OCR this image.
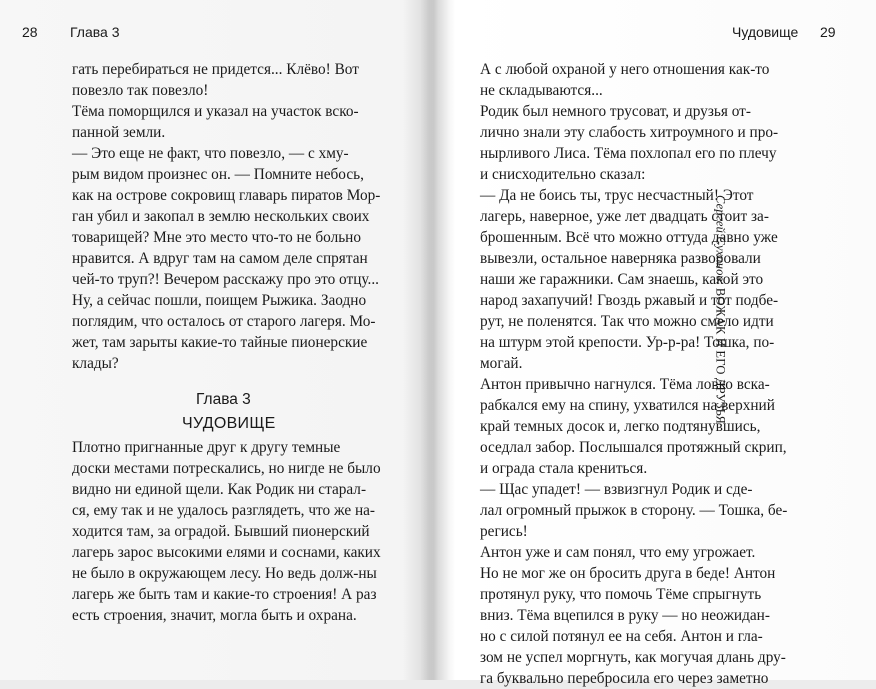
28 Глава 3
гать перебираться не придется... Клёво! Вот
повезло так повезло!
Тёма поморщился и указал на участок вско-
панной земли.
— Это еще не факт, что повезло, — с хму-
рым видом произнес он. — Помните небось,
как на острове сокровищ главарь пиратов Мор-
ган убил и закопал в землю нескольких своих
товарищей? Мне это место что-то не больно
нравится. А вдруг там на самом деле спрятан
чей-то труп?! Вечером расскажу про это отцу...
Ну, а сейчас пошли, поищем Рыжика. Заодно
поглядим, что осталось от старого лагеря. Мо-
жет, там зарыты какие-то тайные пионерские
клады?
Плотно пригнанные друг к другу темные
доски местами потрескались, но нигде не было
видно ни единой щели. Как Родик ни старал-
ся, ему так и не удалось разглядеть, что же на-
ходится там, за оградой. Бывший пионерский
лагерь зарос высокими елями и соснами, каких
не было в окружающем лесу. Но ведь долж-ны
лагерь же быть там и какие-то строения! А раз
есть строения, значит, могла быть и охрана.
Глава 3
ЧУДОВИЩЕ
Чудовище 29
Сергей Сухинов. ВОЖАК И ЕГО ДРУЗЬЯ
А с любой охраной у него отношения как-то
не складываются...
Родик был немного трусоват, и друзья от-
лично знали эту слабость хитроумного и про-
нырливого Лиса. Тёма похлопал его по плечу
и снисходительно сказал:
— Да не боись ты, трус несчастный! Этот
лагерь, наверное, уже лет двадцать стоит за-
брошенным. Всё что можно оттуда давно уже
вывезли, остальное наверняка разворовали
наши же гаражники. Сам знаешь, какой это
народ захапучий! Гвоздь ржавый и тот подбе-
рут, не поленятся. Так что можно смело идти
на штурм этой крепости. Ур-р-ра! Тошка, по-
могай.
Антон привычно нагнулся. Тёма ловко вска-
рабкался ему на спину, ухватился на верхний
край темных досок и, легко подтянувшись,
оседлал забор. Послышался протяжный скрип,
и ограда стала крениться.
— Щас упадет! — взвизгнул Родик и сде-
лал огромный прыжок в сторону. — Тошка, бе-
регись!
Антон уже и сам понял, что ему угрожает.
Но не мог же он бросить друга в беде! Антон
протянул руку, что помочь Тёме спрыгнуть
вниз. Тёма вцепился в руку — но неожидан-
но с силой потянул ее на себя. Антон и гла-
зом не успел моргнуть, как могучая длань дру-
га буквально перебросила его через заметно
